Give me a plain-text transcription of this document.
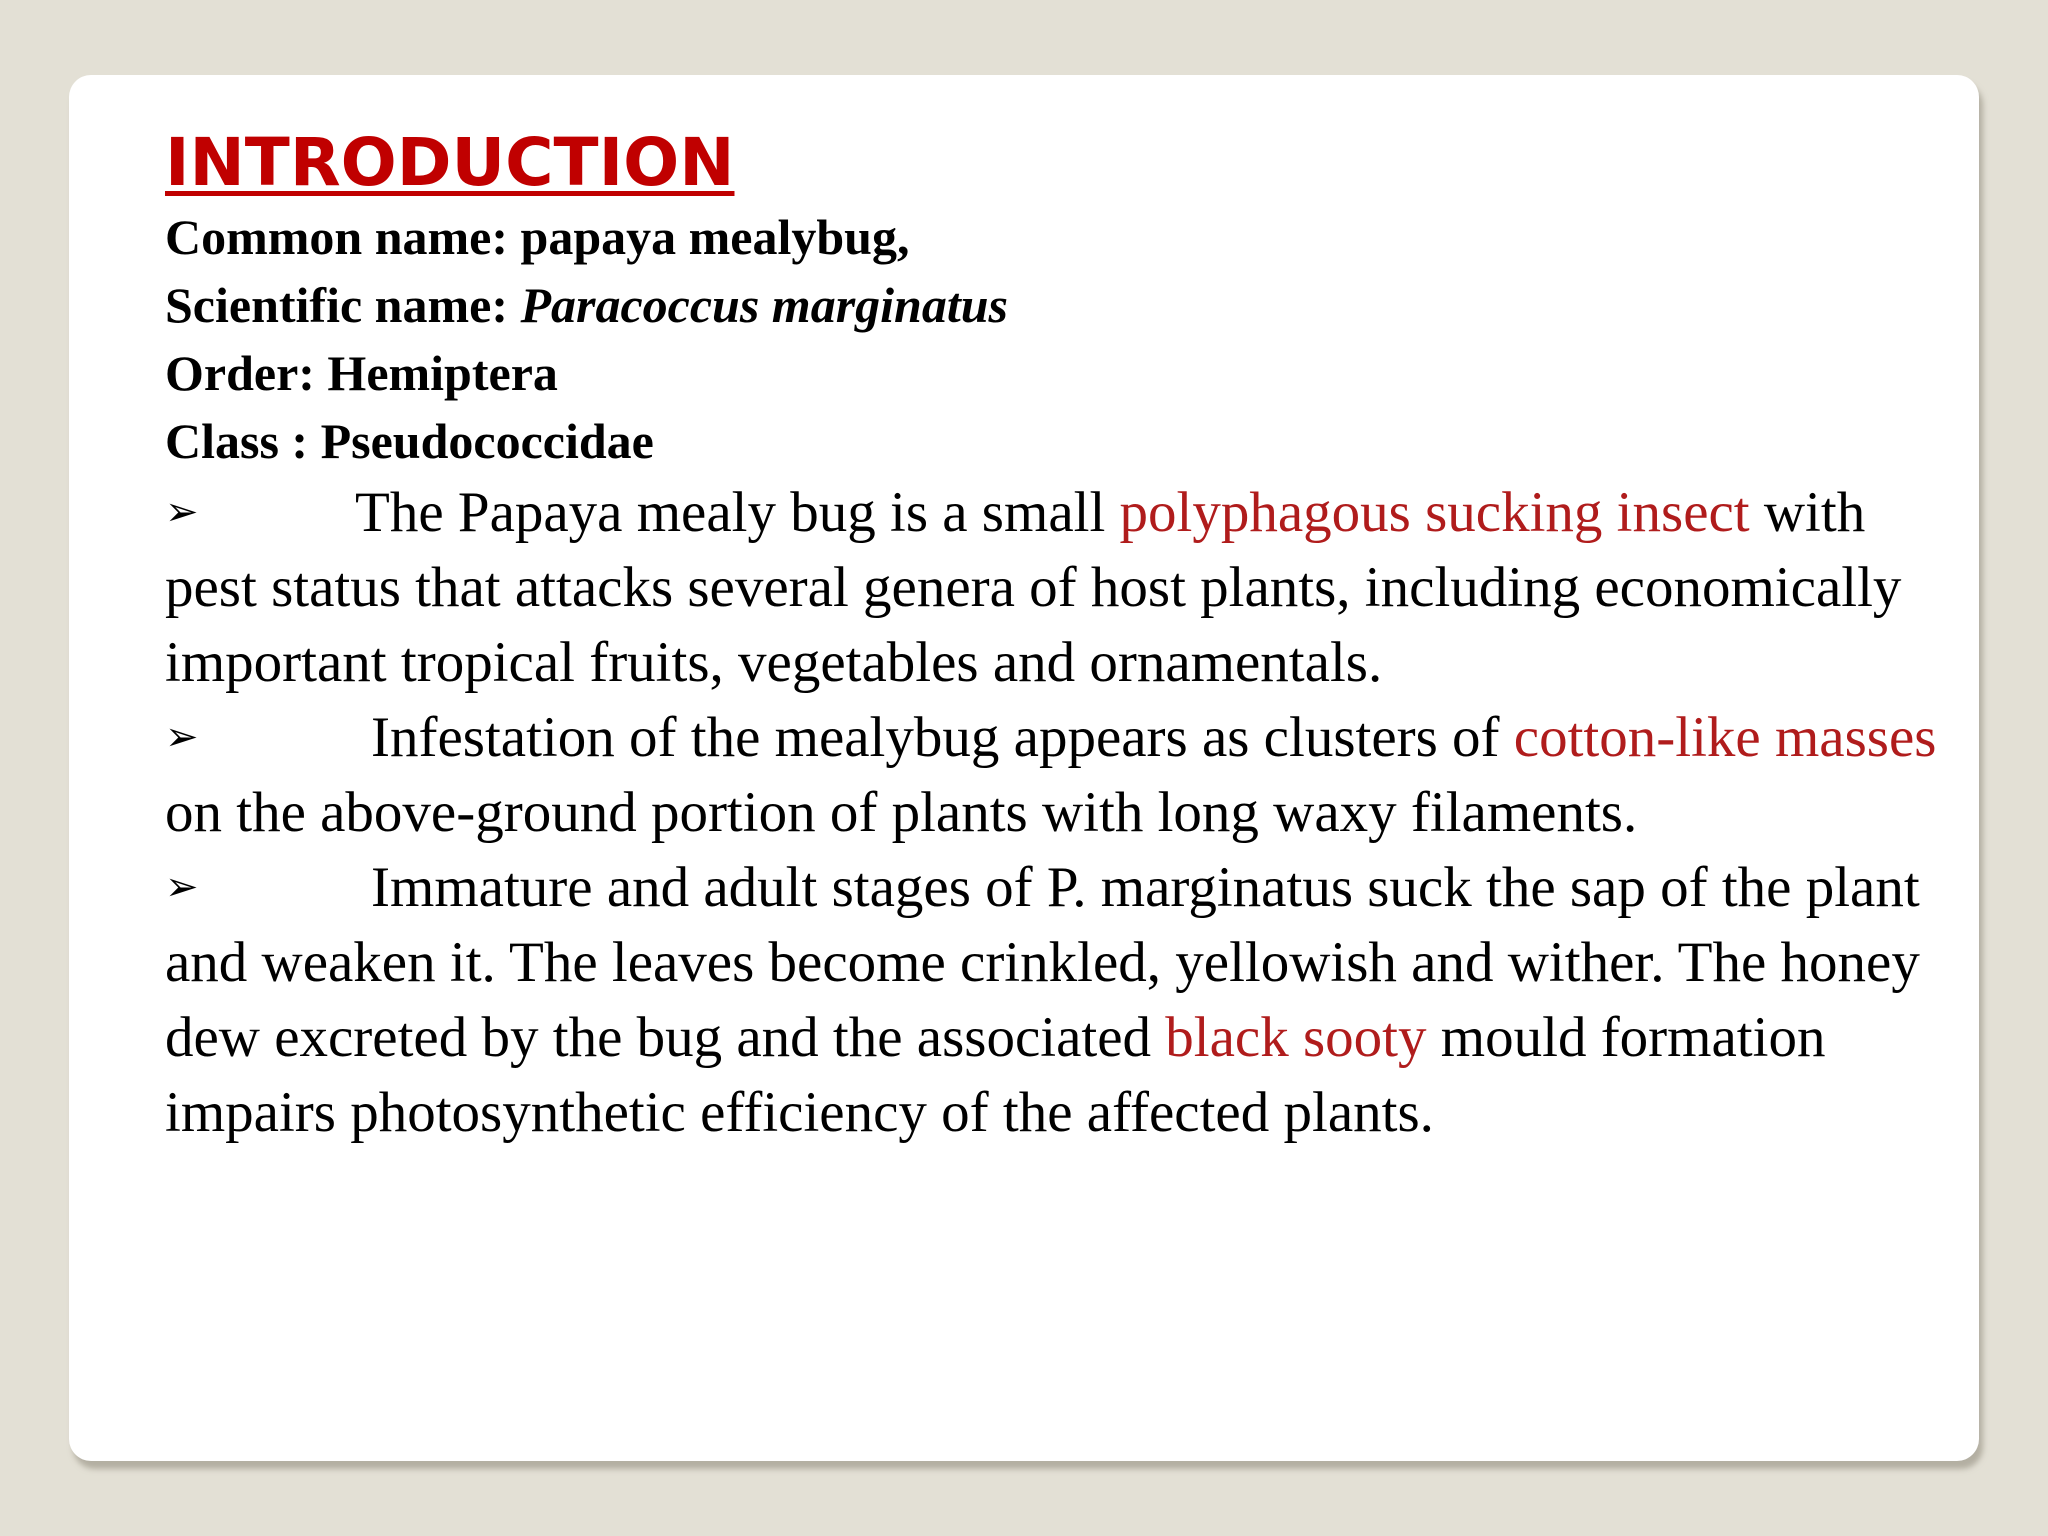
INTRODUCTION

Common name: papaya mealybug,

Scientific name: Paracoccus marginatus

Order: Hemiptera

Class : Pseudococcidae

➢	The Papaya mealy bug is a small polyphagous sucking insect with pest status that attacks several genera of host plants, including economically important tropical fruits, vegetables and ornamentals.

➢	Infestation of the mealybug appears as clusters of cotton-like masses on the above-ground portion of plants with long waxy filaments.

➢	Immature and adult stages of P. marginatus suck the sap of the plant and weaken it. The leaves become crinkled, yellowish and wither. The honey dew excreted by the bug and the associated black sooty mould formation impairs photosynthetic efficiency of the affected plants.
